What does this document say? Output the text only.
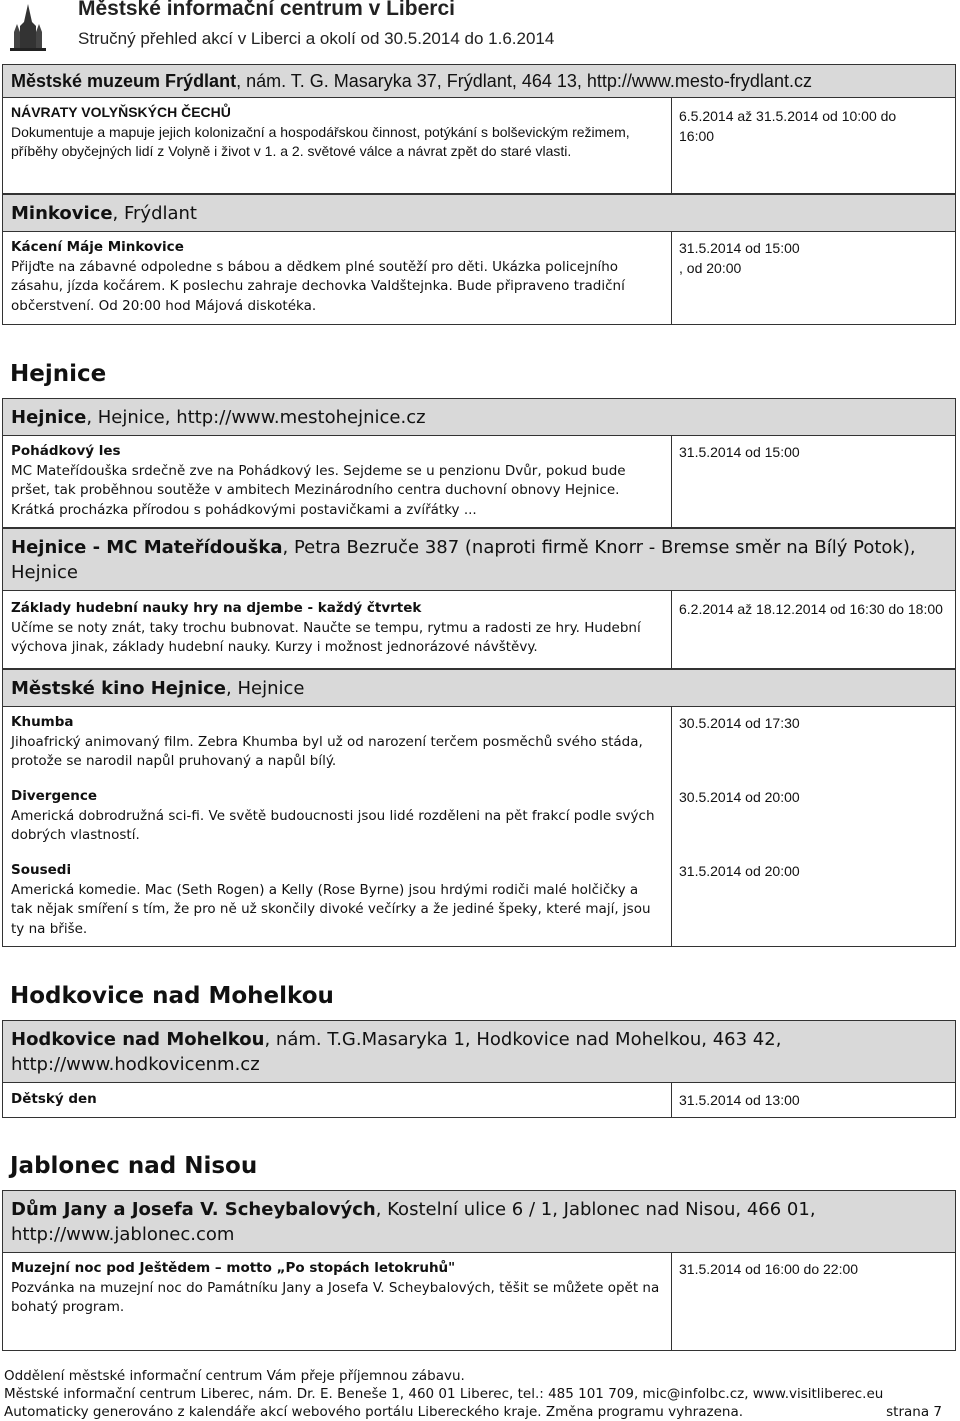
Městské informační centrum v Liberci
Stručný přehled akcí v Liberci a okolí od 30.5.2014 do 1.6.2014
Městské muzeum Frýdlant, nám. T. G. Masaryka 37, Frýdlant, 464 13, http://www.mesto-frydlant.cz
NÁVRATY VOLYŇSKÝCH ČECHŮ
Dokumentuje a mapuje jejich kolonizační a hospodářskou činnost, potýkání s bolševickým režimem, příběhy obyčejných lidí z Volyně i život v 1. a 2. světové válce a návrat zpět do staré vlasti.
6.5.2014 až 31.5.2014 od 10:00 do 16:00
Minkovice, Frýdlant
Kácení Máje Minkovice
Přijďte na zábavné odpoledne s bábou a dědkem plné soutěží pro děti. Ukázka policejního zásahu, jízda kočárem. K poslechu zahraje dechovka Valdštejnka. Bude připraveno tradiční občerstvení. Od 20:00 hod Májová diskotéka.
31.5.2014 od 15:00
, od 20:00
Hejnice
Hejnice, Hejnice, http://www.mestohejnice.cz
Pohádkový les
MC Mateřídouška srdečně zve na Pohádkový les. Sejdeme se u penzionu Dvůr, pokud bude pršet, tak proběhnou soutěže v ambitech Mezinárodního centra duchovní obnovy Hejnice. Krátká procházka přírodou s pohádkovými postavičkami a zvířátky ...
31.5.2014 od 15:00
Hejnice - MC Mateřídouška, Petra Bezruče 387 (naproti firmě Knorr - Bremse směr na Bílý Potok), Hejnice
Základy hudební nauky hry na djembe - každý čtvrtek
Učíme se noty znát, taky trochu bubnovat. Naučte se tempu, rytmu a radosti ze hry. Hudební výchova jinak, základy hudební nauky. Kurzy i možnost jednorázové návštěvy.
6.2.2014 až 18.12.2014 od 16:30 do 18:00
Městské kino Hejnice, Hejnice
Khumba
Jihoafrický animovaný film. Zebra Khumba byl už od narození terčem posměchů svého stáda, protože se narodil napůl pruhovaný a napůl bílý.
30.5.2014 od 17:30
Divergence
Americká dobrodružná sci-fi. Ve světě budoucnosti jsou lidé rozděleni na pět frakcí podle svých dobrých vlastností.
30.5.2014 od 20:00
Sousedi
Americká komedie. Mac (Seth Rogen) a Kelly (Rose Byrne) jsou hrdými rodiči malé holčičky a tak nějak smíření s tím, že pro ně už skončily divoké večírky a že jediné špeky, které mají, jsou ty na břiše.
31.5.2014 od 20:00
Hodkovice nad Mohelkou
Hodkovice nad Mohelkou, nám. T.G.Masaryka 1, Hodkovice nad Mohelkou, 463 42, http://www.hodkovicenm.cz
Dětský den	31.5.2014 od 13:00
Jablonec nad Nisou
Dům Jany a Josefa V. Scheybalových, Kostelní ulice 6 / 1, Jablonec nad Nisou, 466 01, http://www.jablonec.com
Muzejní noc pod Ještědem – motto „Po stopách letokruhů"
Pozvánka na muzejní noc do Památníku Jany a Josefa V. Scheybalových, těšit se můžete opět na bohatý program.
31.5.2014 od 16:00 do 22:00
Oddělení městské informační centrum Vám přeje příjemnou zábavu.
Městské informační centrum Liberec, nám. Dr. E. Beneše 1, 460 01 Liberec, tel.: 485 101 709, mic@infolbc.cz, www.visitliberec.eu
Automaticky generováno z kalendáře akcí webového portálu Libereckého kraje. Změna programu vyhrazena.	strana 7
